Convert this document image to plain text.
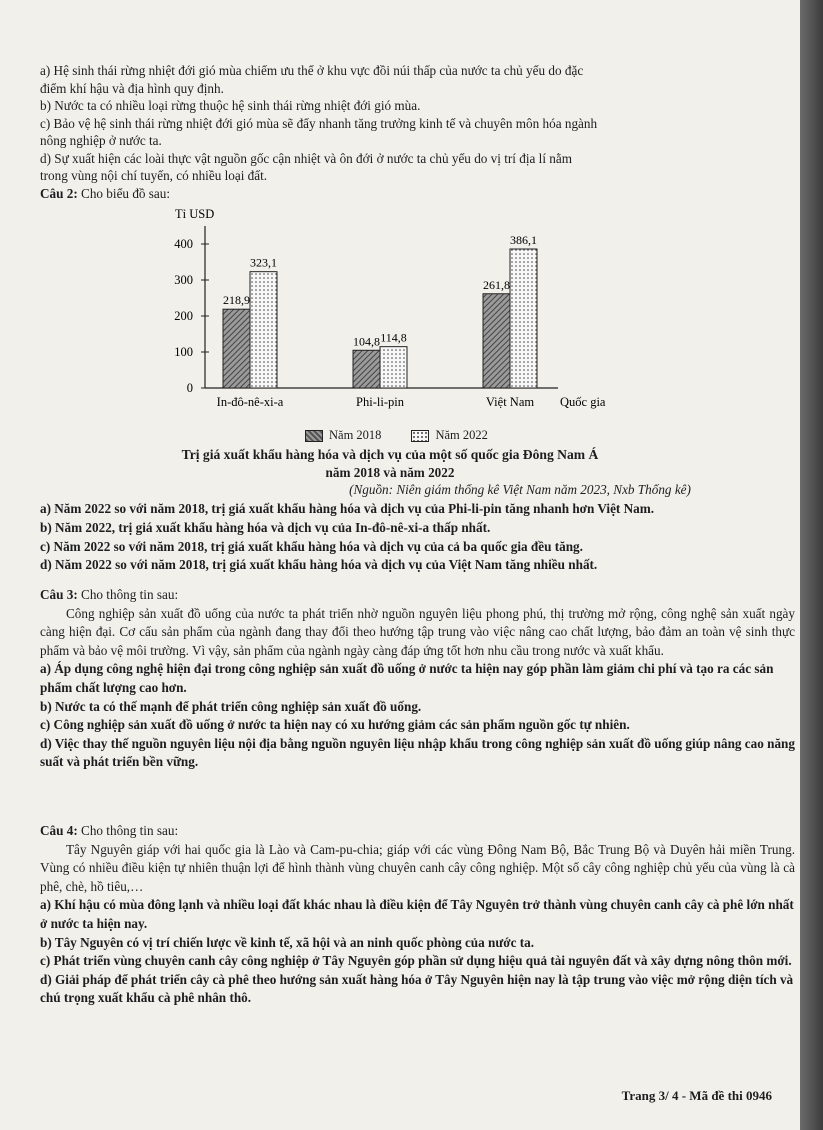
a) Hệ sinh thái rừng nhiệt đới gió mùa chiếm ưu thế ở khu vực đồi núi thấp của nước ta chủ yếu do đặc

điểm khí hậu và địa hình quy định.

b) Nước ta có nhiều loại rừng thuộc hệ sinh thái rừng nhiệt đới gió mùa.

c) Bảo vệ hệ sinh thái rừng nhiệt đới gió mùa sẽ đẩy nhanh tăng trưởng kinh tế và chuyên môn hóa ngành

nông nghiệp ở nước ta.

d) Sự xuất hiện các loài thực vật nguồn gốc cận nhiệt và ôn đới ở nước ta chủ yếu do vị trí địa lí nằm

trong vùng nội chí tuyến, có nhiều loại đất.

Câu 2: Cho biểu đồ sau:

Tỉ USD
0
100
200
300
400
In-đô-nê-xi-a	Phi-li-pin	Việt Nam
218,9
323,1
104,8 114,8
261,8
386,1
Quốc gia
Năm 2018	Năm 2022
Trị giá xuất khẩu hàng hóa và dịch vụ của một số quốc gia Đông Nam Á
năm 2018 và năm 2022
(Nguồn: Niên giám thống kê Việt Nam năm 2023, Nxb Thống kê)

a) Năm 2022 so với năm 2018, trị giá xuất khẩu hàng hóa và dịch vụ của Phi-li-pin tăng nhanh hơn Việt Nam.

b) Năm 2022, trị giá xuất khẩu hàng hóa và dịch vụ của In-đô-nê-xi-a thấp nhất.

c) Năm 2022 so với năm 2018, trị giá xuất khẩu hàng hóa và dịch vụ của cả ba quốc gia đều tăng.

d) Năm 2022 so với năm 2018, trị giá xuất khẩu hàng hóa và dịch vụ của Việt Nam tăng nhiều nhất.

Câu 3: Cho thông tin sau:

Công nghiệp sản xuất đồ uống của nước ta phát triển nhờ nguồn nguyên liệu phong phú, thị trường mở rộng, công nghệ sản xuất ngày càng hiện đại. Cơ cấu sản phẩm của ngành đang thay đổi theo hướng tập trung vào việc nâng cao chất lượng, bảo đảm an toàn vệ sinh thực phẩm và bảo vệ môi trường. Vì vậy, sản phẩm của ngành ngày càng đáp ứng tốt hơn nhu cầu trong nước và xuất khẩu.

a) Áp dụng công nghệ hiện đại trong công nghiệp sản xuất đồ uống ở nước ta hiện nay góp phần làm giảm chi phí và tạo ra các sản phẩm chất lượng cao hơn.

b) Nước ta có thế mạnh để phát triển công nghiệp sản xuất đồ uống.

c) Công nghiệp sản xuất đồ uống ở nước ta hiện nay có xu hướng giảm các sản phẩm nguồn gốc tự nhiên.

d) Việc thay thế nguồn nguyên liệu nội địa bằng nguồn nguyên liệu nhập khẩu trong công nghiệp sản xuất đồ uống giúp nâng cao năng suất và phát triển bền vững.

Câu 4: Cho thông tin sau:

Tây Nguyên giáp với hai quốc gia là Lào và Cam-pu-chia; giáp với các vùng Đông Nam Bộ, Bắc Trung Bộ và Duyên hải miền Trung. Vùng có nhiều điều kiện tự nhiên thuận lợi để hình thành vùng chuyên canh cây công nghiệp. Một số cây công nghiệp chủ yếu của vùng là cà phê, chè, hồ tiêu,…

a) Khí hậu có mùa đông lạnh và nhiều loại đất khác nhau là điều kiện để Tây Nguyên trở thành vùng chuyên canh cây cà phê lớn nhất ở nước ta hiện nay.

b) Tây Nguyên có vị trí chiến lược về kinh tế, xã hội và an ninh quốc phòng của nước ta.

c) Phát triển vùng chuyên canh cây công nghiệp ở Tây Nguyên góp phần sử dụng hiệu quả tài nguyên đất và xây dựng nông thôn mới.

d) Giải pháp để phát triển cây cà phê theo hướng sản xuất hàng hóa ở Tây Nguyên hiện nay là tập trung vào việc mở rộng diện tích và chú trọng xuất khẩu cà phê nhân thô.

Trang 3/ 4 - Mã đề thi 0946
